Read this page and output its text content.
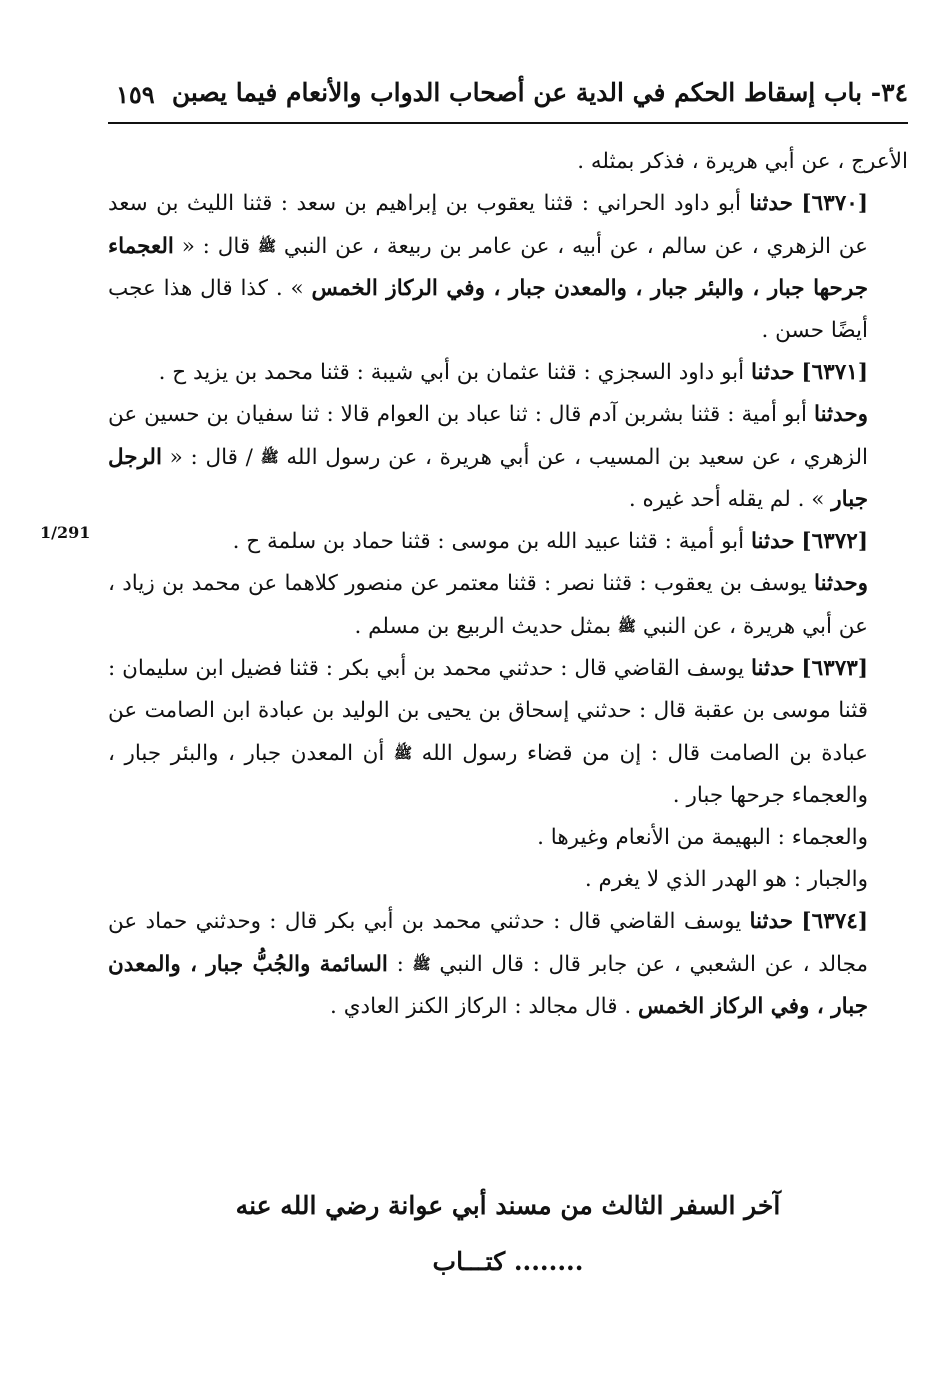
٣٤- باب إسقاط الحكم في الدية عن أصحاب الدواب والأنعام فيما يصبن
١٥٩
1/291

الأعرج ، عن أبي هريرة ، فذكر بمثله .

[٦٣٧٠] حدثنا أبو داود الحراني : قثنا يعقوب بن إبراهيم بن سعد : قثنا الليث بن سعد عن الزهري ، عن سالم ، عن أبيه ، عن عامر بن ربيعة ، عن النبي ﷺ قال : « العجماء جرحها جبار ، والبئر جبار ، والمعدن جبار ، وفي الركاز الخمس » . كذا قال هذا عجب أيضًا حسن .

[٦٣٧١] حدثنا أبو داود السجزي : قثنا عثمان بن أبي شيبة : قثنا محمد بن يزيد ح .

وحدثنا أبو أمية : قثنا بشربن آدم قال : ثنا عباد بن العوام قالا : ثنا سفيان بن حسين عن الزهري ، عن سعيد بن المسيب ، عن أبي هريرة ، عن رسول الله ﷺ / قال : « الرجل جبار » . لم يقله أحد غيره .

[٦٣٧٢] حدثنا أبو أمية : قثنا عبيد الله بن موسى : قثنا حماد بن سلمة ح .

وحدثنا يوسف بن يعقوب : قثنا نصر : قثنا معتمر عن منصور كلاهما عن محمد بن زياد ، عن أبي هريرة ، عن النبي ﷺ بمثل حديث الربيع بن مسلم .

[٦٣٧٣] حدثنا يوسف القاضي قال : حدثني محمد بن أبي بكر : قثنا فضيل ابن سليمان : قثنا موسى بن عقبة قال : حدثني إسحاق بن يحيى بن الوليد بن عبادة ابن الصامت عن عبادة بن الصامت قال : إن من قضاء رسول الله ﷺ أن المعدن جبار ، والبئر جبار ، والعجماء جرحها جبار .

والعجماء : البهيمة من الأنعام وغيرها .

والجبار : هو الهدر الذي لا يغرم .

[٦٣٧٤] حدثنا يوسف القاضي قال : حدثني محمد بن أبي بكر قال : وحدثني حماد عن مجالد ، عن الشعبي ، عن جابر قال : قال النبي ﷺ : السائمة والجُبُّ جبار ، والمعدن جبار ، وفي الركاز الخمس . قال مجالد : الركاز الكنز العادي .

آخر السفر الثالث من مسند أبي عوانة رضي الله عنه
........ كتـــاب
